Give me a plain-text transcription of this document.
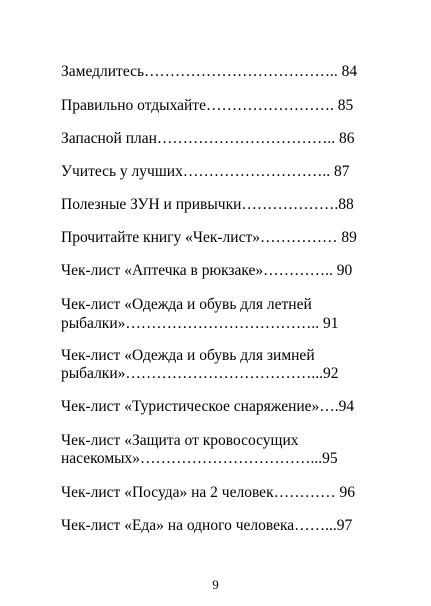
Замедлитесь……………………………….. 84

Правильно отдыхайте……………………. 85

Запасной план…………………………….. 86

Учитесь у лучших……………………….. 87

Полезные ЗУН и привычки……………….88

Прочитайте книгу «Чек-лист»…………… 89

Чек-лист «Аптечка в рюкзаке»………….. 90

Чек-лист «Одежда и обувь для летней

рыбалки»……………………………….. 91

Чек-лист «Одежда и обувь для зимней

рыбалки»………………………………...92

Чек-лист «Туристическое снаряжение»….94

Чек-лист «Защита от кровососущих

насекомых»……………………………...95

Чек-лист «Посуда» на 2 человек………… 96

Чек-лист «Еда» на одного человека……...97

9
